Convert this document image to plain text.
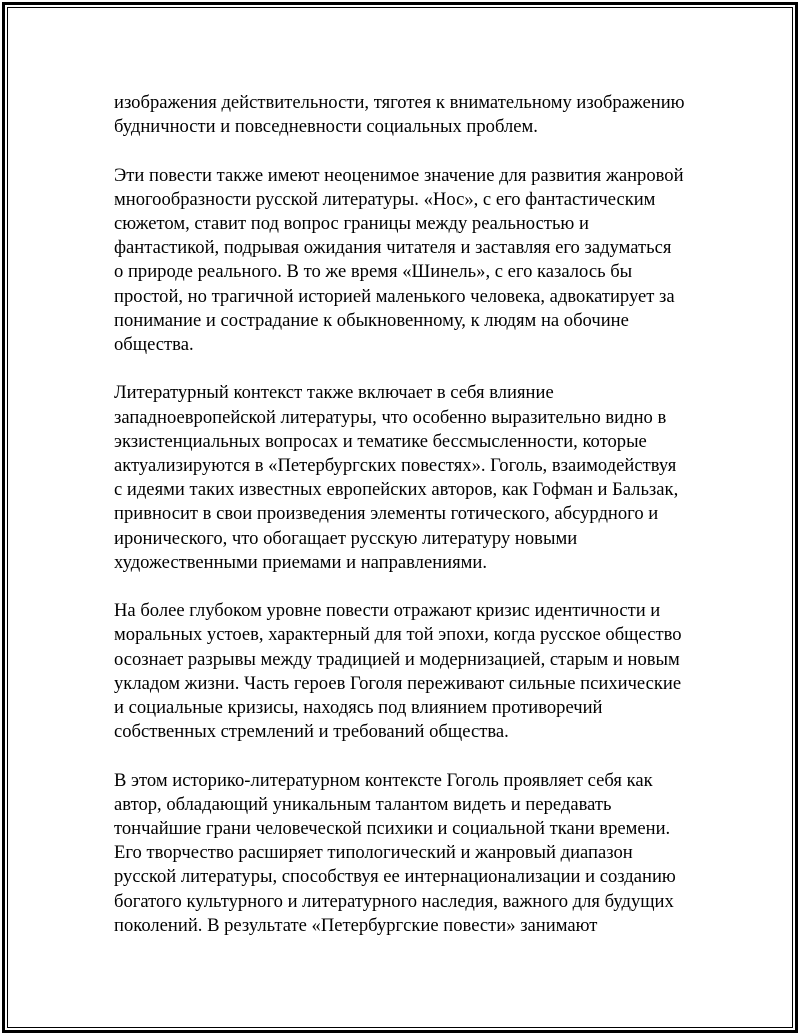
изображения действительности, тяготея к внимательному изображению
будничности и повседневности социальных проблем.

Эти повести также имеют неоценимое значение для развития жанровой
многообразности русской литературы. «Нос», с его фантастическим
сюжетом, ставит под вопрос границы между реальностью и
фантастикой, подрывая ожидания читателя и заставляя его задуматься
о природе реального. В то же время «Шинель», с его казалось бы
простой, но трагичной историей маленького человека, адвокатирует за
понимание и сострадание к обыкновенному, к людям на обочине
общества.

Литературный контекст также включает в себя влияние
западноевропейской литературы, что особенно выразительно видно в
экзистенциальных вопросах и тематике бессмысленности, которые
актуализируются в «Петербургских повестях». Гоголь, взаимодействуя
с идеями таких известных европейских авторов, как Гофман и Бальзак,
привносит в свои произведения элементы готического, абсурдного и
иронического, что обогащает русскую литературу новыми
художественными приемами и направлениями.

На более глубоком уровне повести отражают кризис идентичности и
моральных устоев, характерный для той эпохи, когда русское общество
осознает разрывы между традицией и модернизацией, старым и новым
укладом жизни. Часть героев Гоголя переживают сильные психические
и социальные кризисы, находясь под влиянием противоречий
собственных стремлений и требований общества.

В этом историко-литературном контексте Гоголь проявляет себя как
автор, обладающий уникальным талантом видеть и передавать
тончайшие грани человеческой психики и социальной ткани времени.
Его творчество расширяет типологический и жанровый диапазон
русской литературы, способствуя ее интернационализации и созданию
богатого культурного и литературного наследия, важного для будущих
поколений. В результате «Петербургские повести» занимают
